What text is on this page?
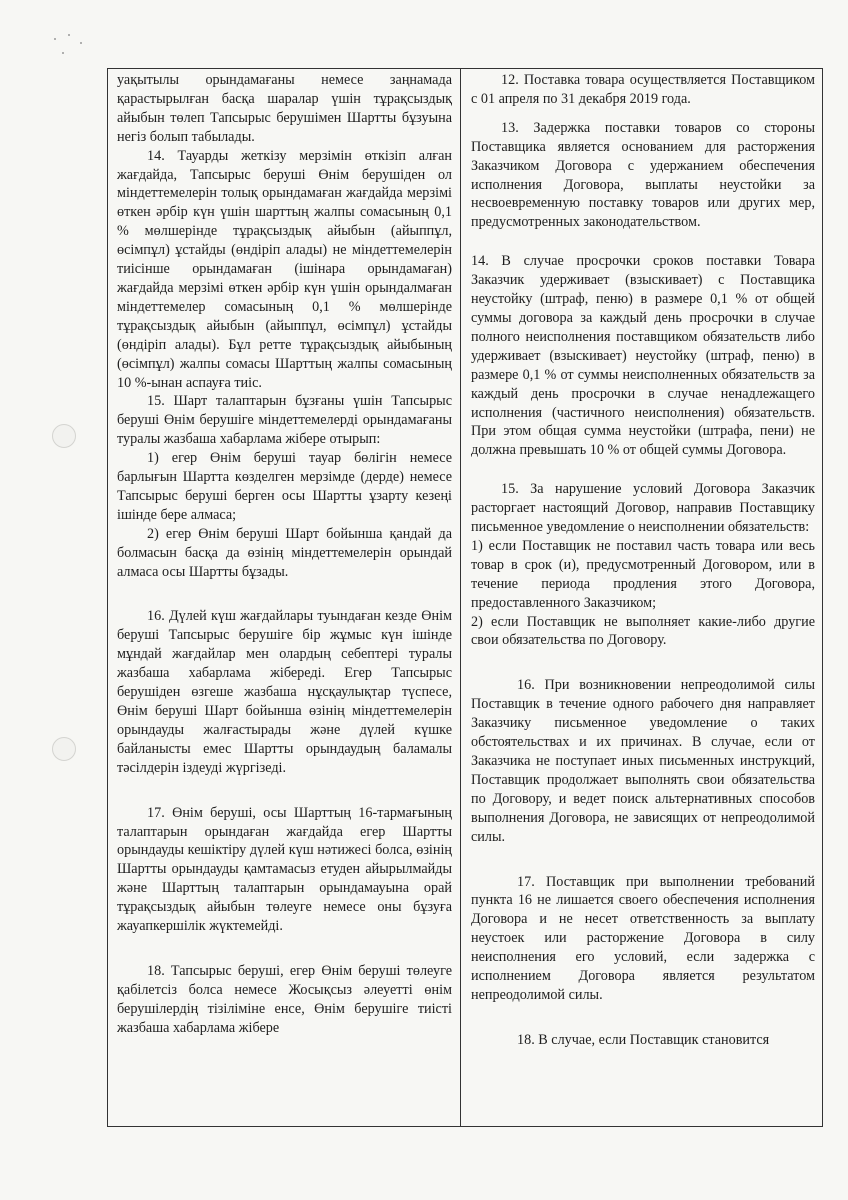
уақытылы орындамағаны немесе заңнамада қарастырылған басқа шаралар үшін тұрақсыздық айыбын төлеп Тапсырыс берушімен Шартты бұзуына негіз болып табылады.

14. Тауарды жеткізу мерзімін өткізіп алған жағдайда, Тапсырыс беруші Өнім берушіден ол міндеттемелерін толық орындамаған жағдайда мерзімі өткен әрбір күн үшін шарттың жалпы сомасының 0,1 % мөлшерінде тұрақсыздық айыбын (айыппұл, өсімпұл) ұстайды (өндіріп алады) не міндеттемелерін тиісінше орындамаған (ішінара орындамаған) жағдайда мерзімі өткен әрбір күн үшін орындалмаған міндеттемелер сомасының 0,1 % мөлшерінде тұрақсыздық айыбын (айыппұл, өсімпұл) ұстайды (өндіріп алады). Бұл ретте тұрақсыздық айыбының (өсімпұл) жалпы сомасы Шарттың жалпы сомасының 10 %-ынан аспауға тиіс.

15. Шарт талаптарын бұзғаны үшін Тапсырыс беруші Өнім берушіге міндеттемелерді орындамағаны туралы жазбаша хабарлама жібере отырып:

1) егер Өнім беруші тауар бөлігін немесе барлығын Шартта көзделген мерзімде (дерде) немесе Тапсырыс беруші берген осы Шартты ұзарту кезеңі ішінде бере алмаса;

2) егер Өнім беруші Шарт бойынша қандай да болмасын басқа да өзінің міндеттемелерін орындай алмаса осы Шартты бұзады.

16. Дүлей күш жағдайлары туындаған кезде Өнім беруші Тапсырыс берушіге бір жұмыс күн ішінде мұндай жағдайлар мен олардың себептері туралы жазбаша хабарлама жібереді. Егер Тапсырыс берушіден өзгеше жазбаша нұсқаулықтар түспесе, Өнім беруші Шарт бойынша өзінің міндеттемелерін орындауды жалғастырады және дүлей күшке байланысты емес Шартты орындаудың баламалы тәсілдерін іздеуді жүргізеді.

17. Өнім беруші, осы Шарттың 16-тармағының талаптарын орындаған жағдайда егер Шартты орындауды кешіктіру дүлей күш нәтижесі болса, өзінің Шартты орындауды қамтамасыз етуден айырылмайды және Шарттың талаптарын орындамауына орай тұрақсыздық айыбын төлеуге немесе оны бұзуға жауапкершілік жүктемейді.

18. Тапсырыс беруші, егер Өнім беруші төлеуге қабілетсіз болса немесе Жосықсыз әлеуетті өнім берушілердің тізіліміне енсе, Өнім берушіге тиісті жазбаша хабарлама жібере

12. Поставка товара осуществляется Поставщиком с 01 апреля по 31 декабря 2019 года.

13. Задержка поставки товаров со стороны Поставщика является основанием для расторжения Заказчиком Договора с удержанием обеспечения исполнения Договора, выплаты неустойки за несвоевременную поставку товаров или других мер, предусмотренных законодательством.

14. В случае просрочки сроков поставки Товара Заказчик удерживает (взыскивает) с Поставщика неустойку (штраф, пеню) в размере 0,1 % от общей суммы договора за каждый день просрочки в случае полного неисполнения поставщиком обязательств либо удерживает (взыскивает) неустойку (штраф, пеню) в размере 0,1 % от суммы неисполненных обязательств за каждый день просрочки в случае ненадлежащего исполнения (частичного неисполнения) обязательств. При этом общая сумма неустойки (штрафа, пени) не должна превышать 10 % от общей суммы Договора.

15. За нарушение условий Договора Заказчик расторгает настоящий Договор, направив Поставщику письменное уведомление о неисполнении обязательств:

1) если Поставщик не поставил часть товара или весь товар в срок (и), предусмотренный Договором, или в течение периода продления этого Договора, предоставленного Заказчиком;

2) если Поставщик не выполняет какие-либо другие свои обязательства по Договору.

16. При возникновении непреодолимой силы Поставщик в течение одного рабочего дня направляет Заказчику письменное уведомление о таких обстоятельствах и их причинах. В случае, если от Заказчика не поступает иных письменных инструкций, Поставщик продолжает выполнять свои обязательства по Договору, и ведет поиск альтернативных способов выполнения Договора, не зависящих от непреодолимой силы.

17. Поставщик при выполнении требований пункта 16 не лишается своего обеспечения исполнения Договора и не несет ответственность за выплату неустоек или расторжение Договора в силу неисполнения его условий, если задержка с исполнением Договора является результатом непреодолимой силы.

18. В случае, если Поставщик становится
